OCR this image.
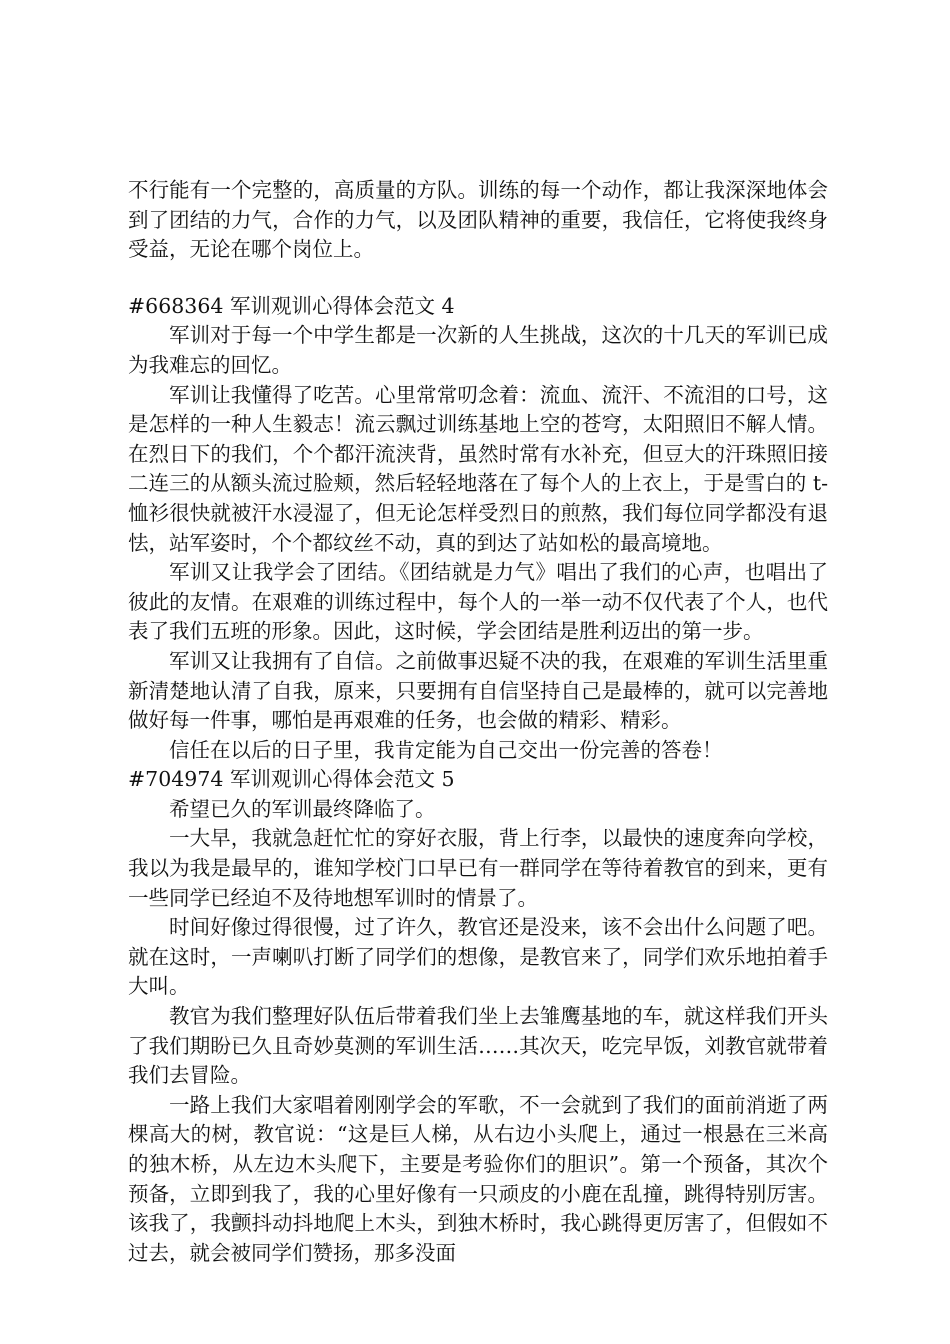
不行能有一个完整的，高质量的方队。训练的每一个动作，都让我深深地体会到了团结的力气，合作的力气，以及团队精神的重要，我信任，它将使我终身受益，无论在哪个岗位上。

#668364 军训观训心得体会范文 4

军训对于每一个中学生都是一次新的人生挑战，这次的十几天的军训已成为我难忘的回忆。

军训让我懂得了吃苦。心里常常叨念着：流血、流汗、不流泪的口号，这是怎样的一种人生毅志！流云飘过训练基地上空的苍穹，太阳照旧不解人情。在烈日下的我们，个个都汗流浃背，虽然时常有水补充，但豆大的汗珠照旧接二连三的从额头流过脸颊，然后轻轻地落在了每个人的上衣上，于是雪白的 t-恤衫很快就被汗水浸湿了，但无论怎样受烈日的煎熬，我们每位同学都没有退怯，站军姿时，个个都纹丝不动，真的到达了站如松的最高境地。

军训又让我学会了团结。《团结就是力气》唱出了我们的心声，也唱出了彼此的友情。在艰难的训练过程中，每个人的一举一动不仅代表了个人，也代表了我们五班的形象。因此，这时候，学会团结是胜利迈出的第一步。

军训又让我拥有了自信。之前做事迟疑不决的我，在艰难的军训生活里重新清楚地认清了自我，原来，只要拥有自信坚持自己是最棒的，就可以完善地做好每一件事，哪怕是再艰难的任务，也会做的精彩、精彩。

信任在以后的日子里，我肯定能为自己交出一份完善的答卷！

#704974 军训观训心得体会范文 5

希望已久的军训最终降临了。

一大早，我就急赶忙忙的穿好衣服，背上行李，以最快的速度奔向学校，我以为我是最早的，谁知学校门口早已有一群同学在等待着教官的到来，更有一些同学已经迫不及待地想军训时的情景了。

时间好像过得很慢，过了许久，教官还是没来，该不会出什么问题了吧。就在这时，一声喇叭打断了同学们的想像，是教官来了，同学们欢乐地拍着手大叫。

教官为我们整理好队伍后带着我们坐上去雏鹰基地的车，就这样我们开头了我们期盼已久且奇妙莫测的军训生活……其次天，吃完早饭，刘教官就带着我们去冒险。

一路上我们大家唱着刚刚学会的军歌，不一会就到了我们的面前消逝了两棵高大的树，教官说：“这是巨人梯，从右边小头爬上，通过一根悬在三米高的独木桥，从左边木头爬下，主要是考验你们的胆识”。第一个预备，其次个预备，立即到我了，我的心里好像有一只顽皮的小鹿在乱撞，跳得特别厉害。该我了，我颤抖动抖地爬上木头，到独木桥时，我心跳得更厉害了，但假如不过去，就会被同学们赞扬，那多没面
